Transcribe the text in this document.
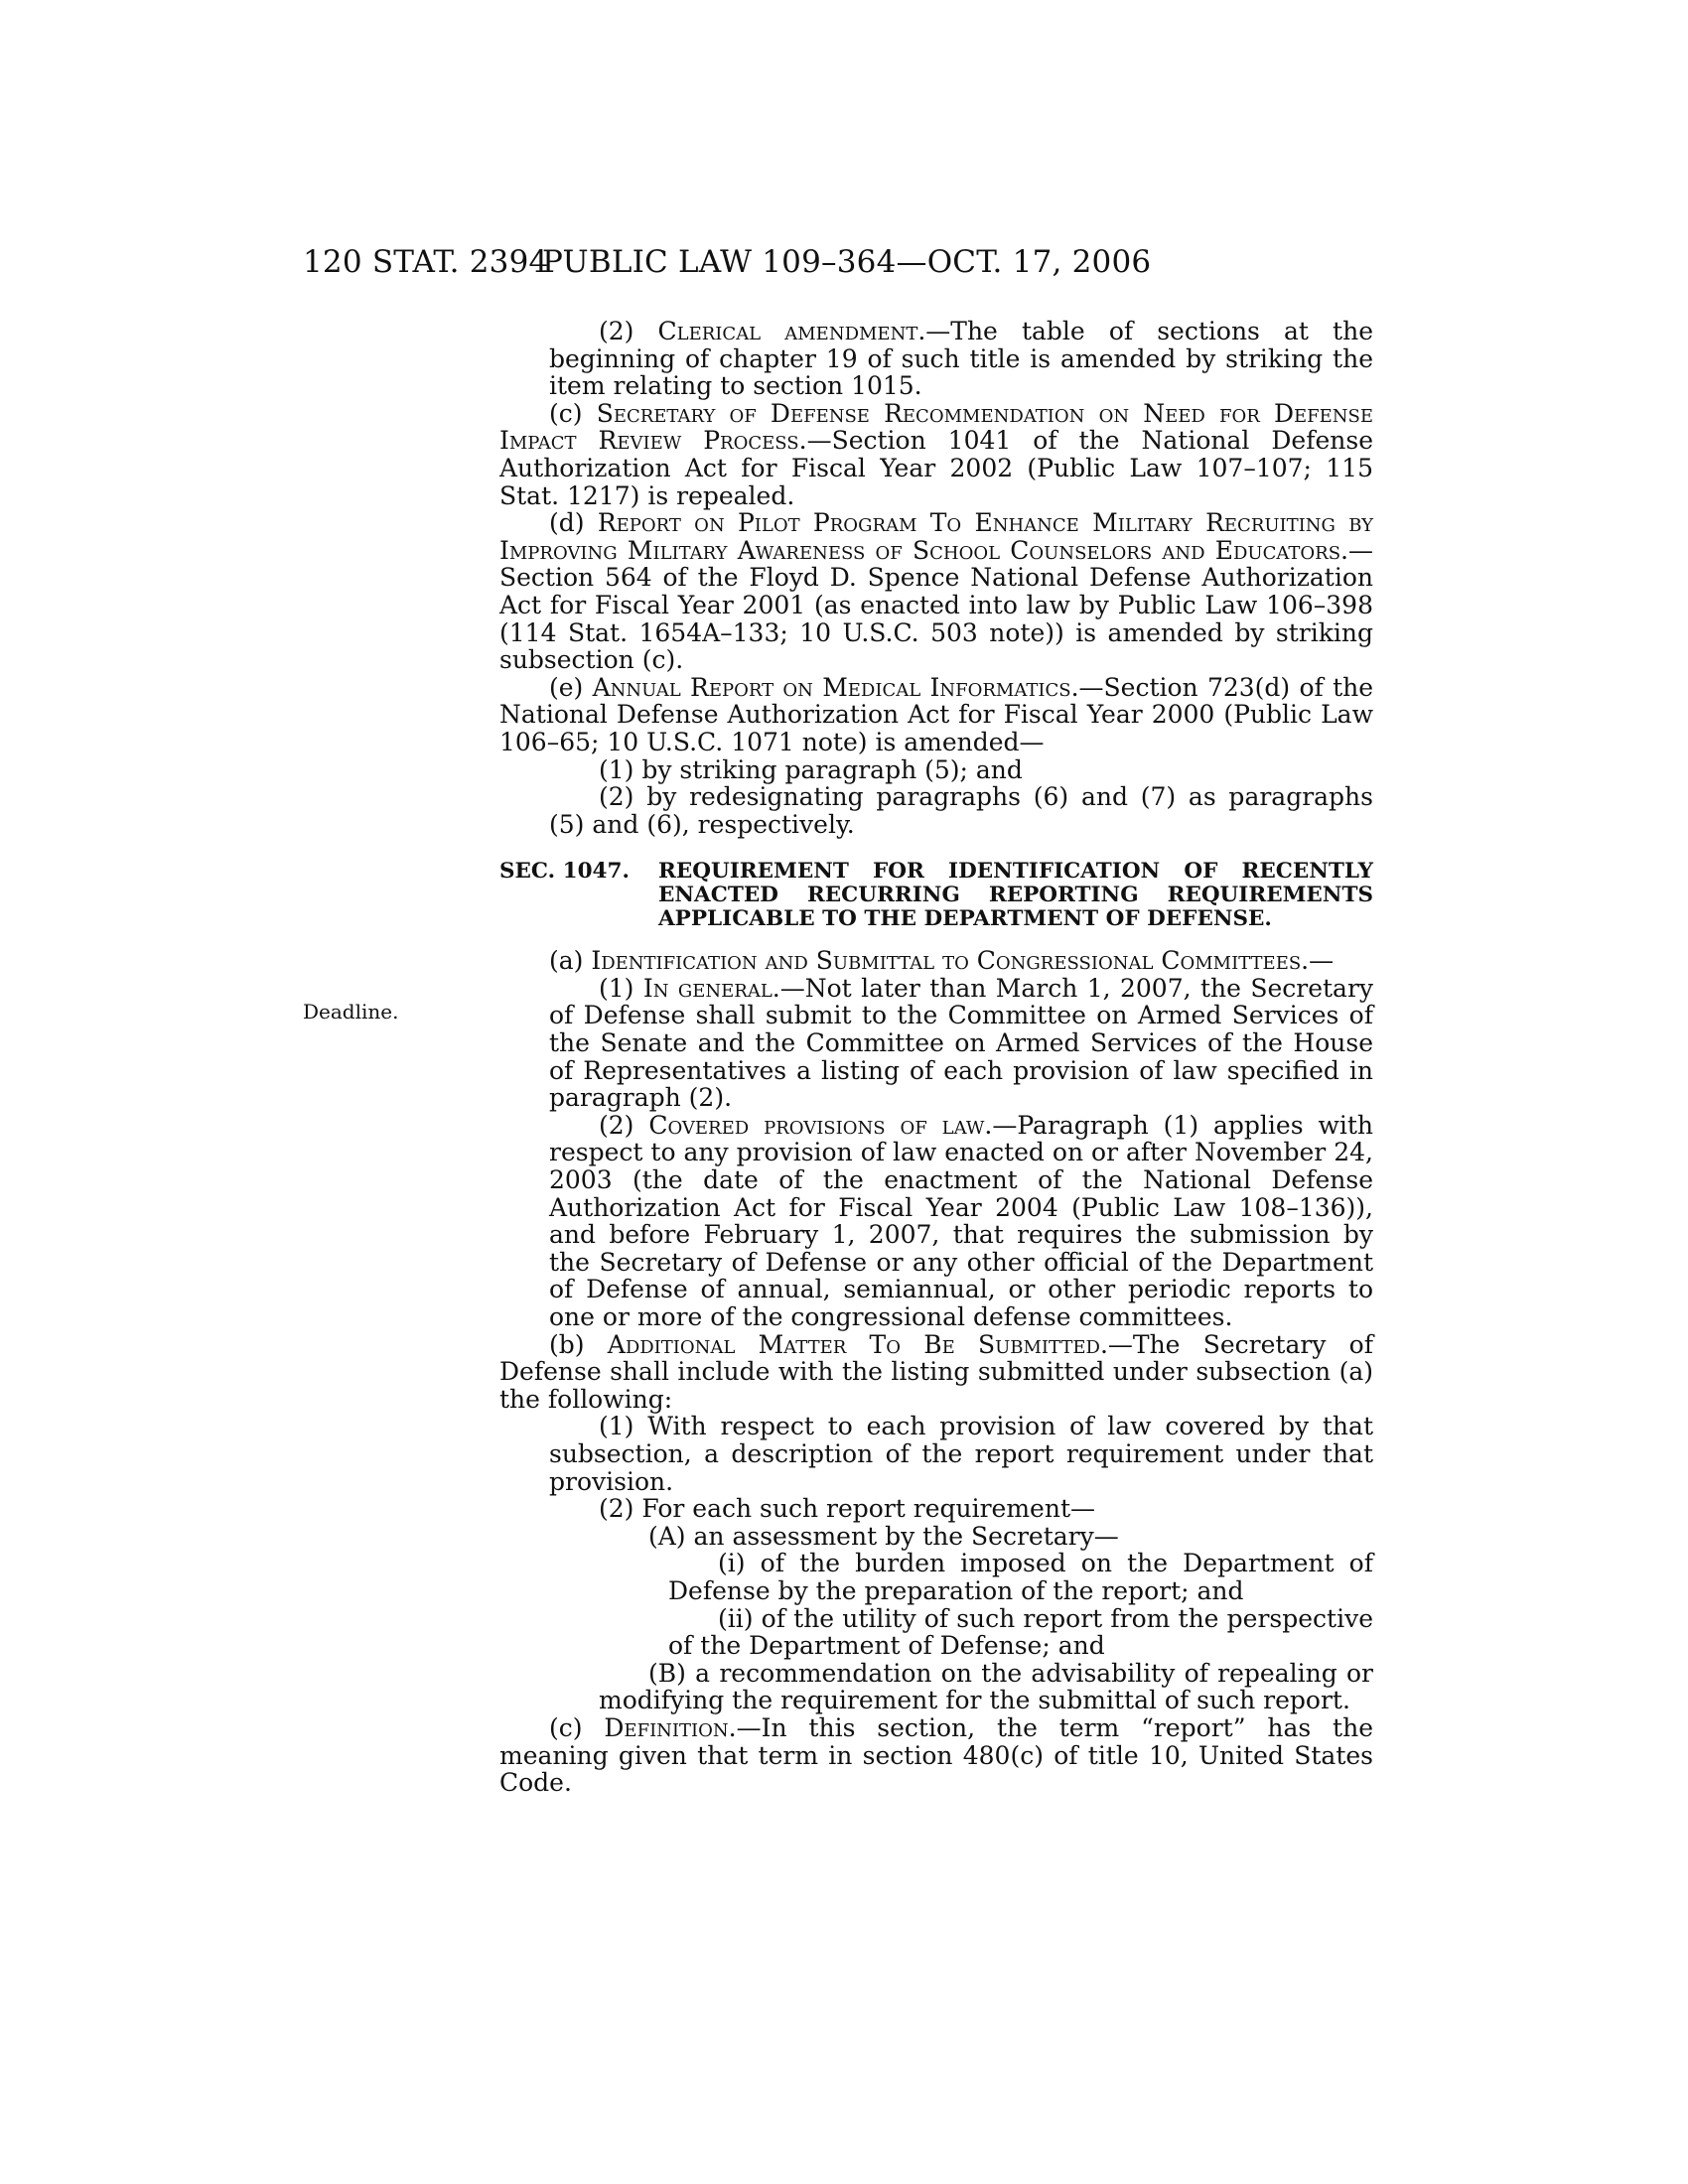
120 STAT. 2394
PUBLIC LAW 109–364—OCT. 17, 2006
Deadline.

(2) Clerical amendment.—The table of sections at the beginning of chapter 19 of such title is amended by striking the item relating to section 1015.

(c) Secretary of Defense Recommendation on Need for Defense Impact Review Process.—Section 1041 of the National Defense Authorization Act for Fiscal Year 2002 (Public Law 107–107; 115 Stat. 1217) is repealed.

(d) Report on Pilot Program To Enhance Military Recruiting by Improving Military Awareness of School Counselors and Educators.—Section 564 of the Floyd D. Spence National Defense Authorization Act for Fiscal Year 2001 (as enacted into law by Public Law 106–398 (114 Stat. 1654A–133; 10 U.S.C. 503 note)) is amended by striking subsection (c).

(e) Annual Report on Medical Informatics.—Section 723(d) of the National Defense Authorization Act for Fiscal Year 2000 (Public Law 106–65; 10 U.S.C. 1071 note) is amended—

(1) by striking paragraph (5); and

(2) by redesignating paragraphs (6) and (7) as paragraphs (5) and (6), respectively.

SEC. 1047.	REQUIREMENT FOR IDENTIFICATION OF RECENTLY ENACTED RECURRING REPORTING REQUIREMENTS APPLICABLE TO THE DEPARTMENT OF DEFENSE.

(a) Identification and Submittal to Congressional Committees.—

(1) In general.—Not later than March 1, 2007, the Secretary of Defense shall submit to the Committee on Armed Services of the Senate and the Committee on Armed Services of the House of Representatives a listing of each provision of law specified in paragraph (2).

(2) Covered provisions of law.—Paragraph (1) applies with respect to any provision of law enacted on or after November 24, 2003 (the date of the enactment of the National Defense Authorization Act for Fiscal Year 2004 (Public Law 108–136)), and before February 1, 2007, that requires the submission by the Secretary of Defense or any other official of the Department of Defense of annual, semiannual, or other periodic reports to one or more of the congressional defense committees.

(b) Additional Matter To Be Submitted.—The Secretary of Defense shall include with the listing submitted under subsection (a) the following:

(1) With respect to each provision of law covered by that subsection, a description of the report requirement under that provision.

(2) For each such report requirement—

(A) an assessment by the Secretary—

(i) of the burden imposed on the Department of Defense by the preparation of the report; and

(ii) of the utility of such report from the perspective of the Department of Defense; and

(B) a recommendation on the advisability of repealing or modifying the requirement for the submittal of such report.

(c) Definition.—In this section, the term “report” has the meaning given that term in section 480(c) of title 10, United States Code.
